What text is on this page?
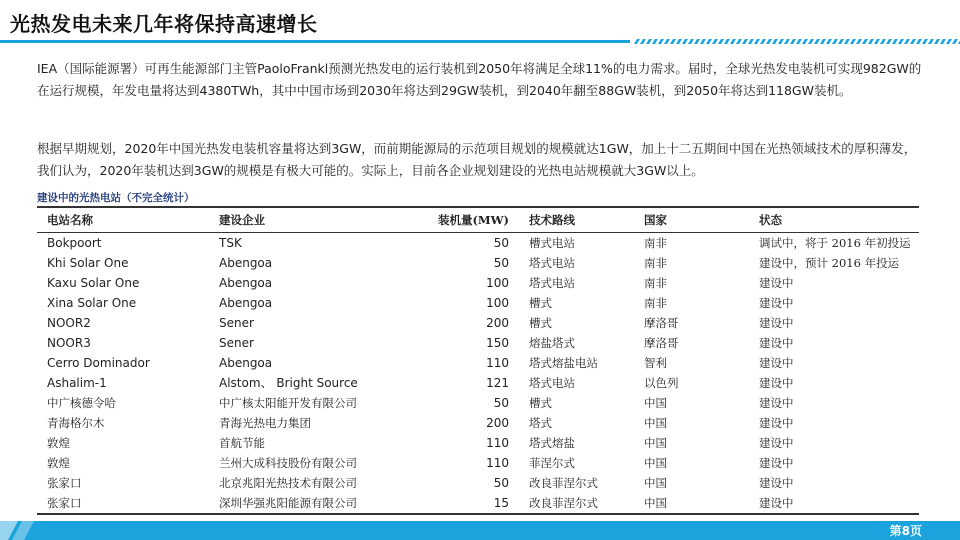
光热发电未来几年将保持高速增长
IEA（国际能源署）可再生能源部门主管PaoloFrankl预测光热发电的运行装机到2050年将满足全球11%的电力需求。届时，全球光热发电装机可实现982GW的在运行规模，年发电量将达到4380TWh，其中中国市场到2030年将达到29GW装机，到2040年翻至88GW装机，到2050年将达到118GW装机。
根据早期规划，2020年中国光热发电装机容量将达到3GW，而前期能源局的示范项目规划的规模就达1GW，加上十二五期间中国在光热领域技术的厚积薄发，我们认为，2020年装机达到3GW的规模是有极大可能的。实际上，目前各企业规划建设的光热电站规模就大3GW以上。
建设中的光热电站（不完全统计）
电站名称	建设企业	装机量(MW)	技术路线	国家	状态
Bokpoort	TSK	50	槽式电站	南非	调试中，将于 2016 年初投运
Khi Solar One	Abengoa	50	塔式电站	南非	建设中，预计 2016 年投运
Kaxu Solar One	Abengoa	100	塔式电站	南非	建设中
Xina Solar One	Abengoa	100	槽式	南非	建设中
NOOR2	Sener	200	槽式	摩洛哥	建设中
NOOR3	Sener	150	熔盐塔式	摩洛哥	建设中
Cerro Dominador	Abengoa	110	塔式熔盐电站	智利	建设中
Ashalim-1	Alstom、 Bright Source	121	塔式电站	以色列	建设中
中广核德令哈	中广核太阳能开发有限公司	50	槽式	中国	建设中
青海格尔木	青海光热电力集团	200	塔式	中国	建设中
敦煌	首航节能	110	塔式熔盐	中国	建设中
敦煌	兰州大成科技股份有限公司	110	菲涅尔式	中国	建设中
张家口	北京兆阳光热技术有限公司	50	改良菲涅尔式	中国	建设中
张家口	深圳华强兆阳能源有限公司	15	改良菲涅尔式	中国	建设中
第8页
